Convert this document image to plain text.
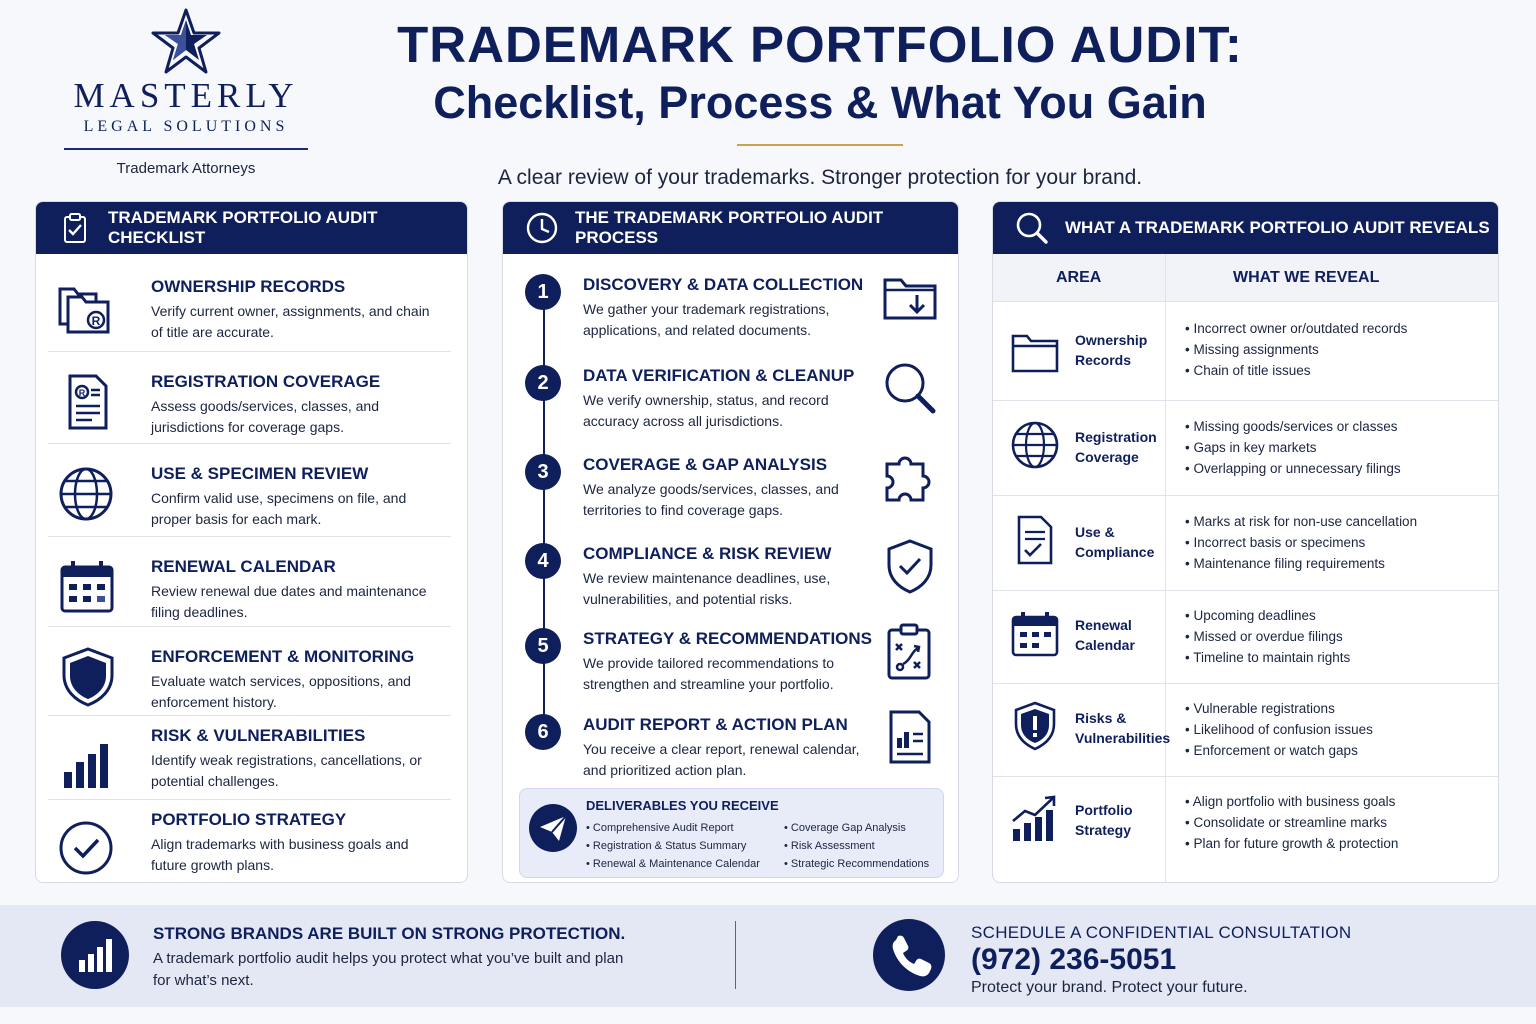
MASTERLY
LEGAL SOLUTIONS
Trademark Attorneys
TRADEMARK PORTFOLIO AUDIT:
Checklist, Process & What You Gain
A clear review of your trademarks. Stronger protection for your brand.
TRADEMARK PORTFOLIO AUDIT CHECKLIST
R
OWNERSHIP RECORDS
Verify current owner, assignments, and chain of title are accurate.
R
REGISTRATION COVERAGE
Assess goods/services, classes, and jurisdictions for coverage gaps.
USE & SPECIMEN REVIEW
Confirm valid use, specimens on file, and proper basis for each mark.
RENEWAL CALENDAR
Review renewal due dates and maintenance filing deadlines.
ENFORCEMENT & MONITORING
Evaluate watch services, oppositions, and enforcement history.
RISK & VULNERABILITIES
Identify weak registrations, cancellations, or potential challenges.
PORTFOLIO STRATEGY
Align trademarks with business goals and future growth plans.
THE TRADEMARK PORTFOLIO AUDIT PROCESS
1	DISCOVERY & DATA COLLECTION
We gather your trademark registrations, applications, and related documents.
2	DATA VERIFICATION & CLEANUP
We verify ownership, status, and record accuracy across all jurisdictions.
3	COVERAGE & GAP ANALYSIS
We analyze goods/services, classes, and territories to find coverage gaps.
4	COMPLIANCE & RISK REVIEW
We review maintenance deadlines, use, vulnerabilities, and potential risks.
5	STRATEGY & RECOMMENDATIONS
We provide tailored recommendations to strengthen and streamline your portfolio.
6	AUDIT REPORT & ACTION PLAN
You receive a clear report, renewal calendar, and prioritized action plan.
DELIVERABLES YOU RECEIVE
• Comprehensive Audit Report
• Registration & Status Summary
• Renewal & Maintenance Calendar
• Coverage Gap Analysis
• Risk Assessment
• Strategic Recommendations
WHAT A TRADEMARK PORTFOLIO AUDIT REVEALS
AREA	WHAT WE REVEAL
Ownership Records
• Incorrect owner or/outdated records
• Missing assignments
• Chain of title issues
Registration Coverage
• Missing goods/services or classes
• Gaps in key markets
• Overlapping or unnecessary filings
Use & Compliance
• Marks at risk for non-use cancellation
• Incorrect basis or specimens
• Maintenance filing requirements
Renewal Calendar
• Upcoming deadlines
• Missed or overdue filings
• Timeline to maintain rights
Risks & Vulnerabilities
• Vulnerable registrations
• Likelihood of confusion issues
• Enforcement or watch gaps
Portfolio Strategy
• Align portfolio with business goals
• Consolidate or streamline marks
• Plan for future growth & protection
STRONG BRANDS ARE BUILT ON STRONG PROTECTION.
A trademark portfolio audit helps you protect what you’ve built and plan for what’s next.
SCHEDULE A CONFIDENTIAL CONSULTATION
(972) 236-5051
Protect your brand. Protect your future.
